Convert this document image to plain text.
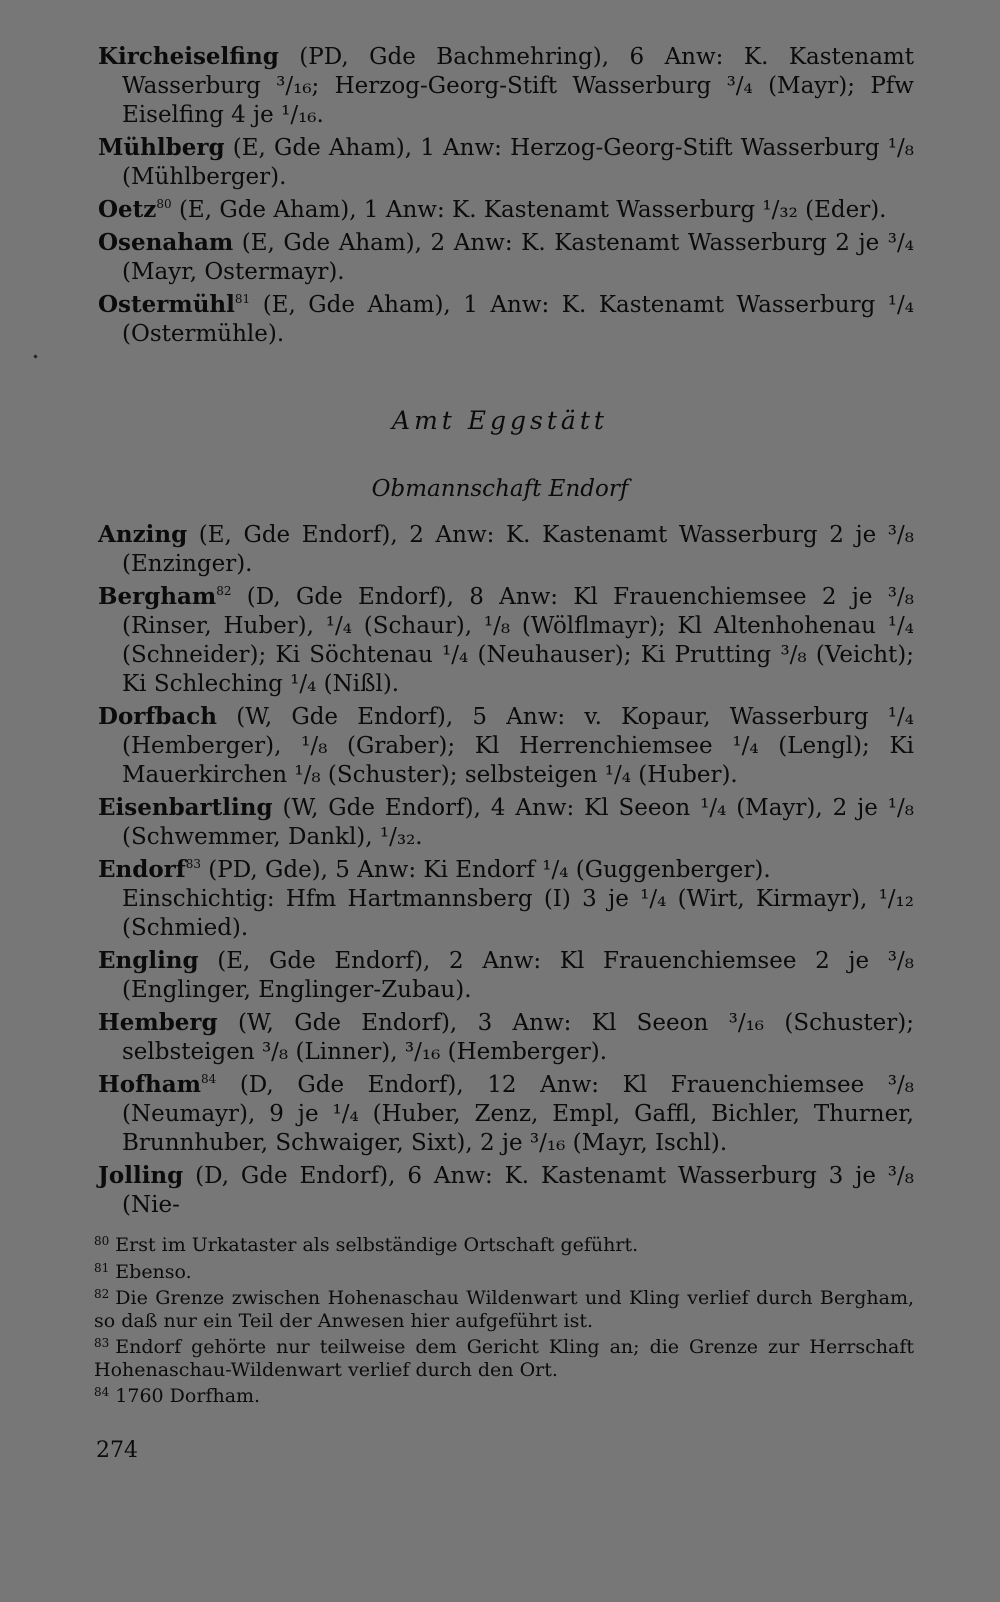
Kircheiselfing (PD, Gde Bachmehring), 6 Anw: K. Kastenamt Wasserburg ³/₁₆; Herzog-Georg-Stift Wasserburg ³/₄ (Mayr); Pfw Eiselfing 4 je ¹/₁₆.

Mühlberg (E, Gde Aham), 1 Anw: Herzog-Georg-Stift Wasserburg ¹/₈ (Mühlberger).

Oetz$^{80}$ (E, Gde Aham), 1 Anw: K. Kastenamt Wasserburg ¹/₃₂ (Eder).

Osenaham (E, Gde Aham), 2 Anw: K. Kastenamt Wasserburg 2 je ³/₄ (Mayr, Ostermayr).

Ostermühl$^{81}$ (E, Gde Aham), 1 Anw: K. Kastenamt Wasserburg ¹/₄ (Ostermühle).

Amt Eggstätt
Obmannschaft Endorf

Anzing (E, Gde Endorf), 2 Anw: K. Kastenamt Wasserburg 2 je ³/₈ (Enzinger).

Bergham$^{82}$ (D, Gde Endorf), 8 Anw: Kl Frauenchiemsee 2 je ³/₈ (Rinser, Huber), ¹/₄ (Schaur), ¹/₈ (Wölflmayr); Kl Altenhohenau ¹/₄ (Schneider); Ki Söchtenau ¹/₄ (Neuhauser); Ki Prutting ³/₈ (Veicht); Ki Schleching ¹/₄ (Nißl).

Dorfbach (W, Gde Endorf), 5 Anw: v. Kopaur, Wasserburg ¹/₄ (Hemberger), ¹/₈ (Graber); Kl Herrenchiemsee ¹/₄ (Lengl); Ki Mauerkirchen ¹/₈ (Schuster); selbsteigen ¹/₄ (Huber).

Eisenbartling (W, Gde Endorf), 4 Anw: Kl Seeon ¹/₄ (Mayr), 2 je ¹/₈ (Schwemmer, Dankl), ¹/₃₂.

Endorf$^{83}$ (PD, Gde), 5 Anw: Ki Endorf ¹/₄ (Guggenberger).
Einschichtig: Hfm Hartmannsberg (I) 3 je ¹/₄ (Wirt, Kirmayr), ¹/₁₂ (Schmied).

Engling (E, Gde Endorf), 2 Anw: Kl Frauenchiemsee 2 je ³/₈ (Englinger, Englinger-Zubau).

Hemberg (W, Gde Endorf), 3 Anw: Kl Seeon ³/₁₆ (Schuster); selbsteigen ³/₈ (Linner), ³/₁₆ (Hemberger).

Hofham$^{84}$ (D, Gde Endorf), 12 Anw: Kl Frauenchiemsee ³/₈ (Neumayr), 9 je ¹/₄ (Huber, Zenz, Empl, Gaffl, Bichler, Thurner, Brunnhuber, Schwaiger, Sixt), 2 je ³/₁₆ (Mayr, Ischl).

Jolling (D, Gde Endorf), 6 Anw: K. Kastenamt Wasserburg 3 je ³/₈ (Nie-

$^{80}$ Erst im Urkataster als selbständige Ortschaft geführt.

$^{81}$ Ebenso.

$^{82}$ Die Grenze zwischen Hohenaschau Wildenwart und Kling verlief durch Bergham, so daß nur ein Teil der Anwesen hier aufgeführt ist.

$^{83}$ Endorf gehörte nur teilweise dem Gericht Kling an; die Grenze zur Herrschaft Hohenaschau-Wildenwart verlief durch den Ort.

$^{84}$ 1760 Dorfham.

274
